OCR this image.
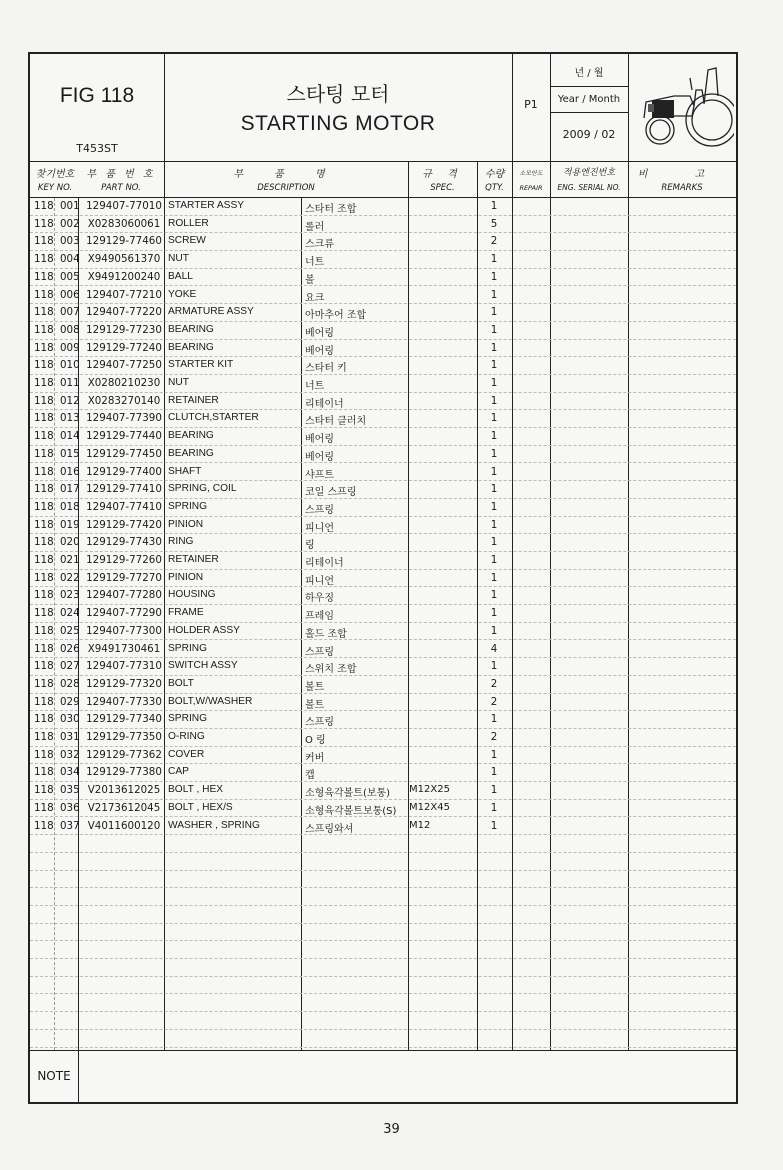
FIG 118
T453ST
스타팅 모터
STARTING MOTOR
P1
년 / 월
Year / Month
2009 / 02
찾기번호
KEY NO.
부 품 번 호
PART NO.
부 품 명
DESCRIPTION
규 격
SPEC.
수량
QTY.
소모안도
REPAIR
적용엔진번호
ENG. SERIAL NO.
비 고
REMARKS
118 001 129407-77010 STARTER ASSY	스타터 조합	1
118 002 X0283060061 ROLLER	롤러	5
118 003 129129-77460 SCREW	스크류	2
118 004 X9490561370 NUT	너트	1
118 005 X9491200240 BALL	볼	1
118 006 129407-77210 YOKE	요크	1
118 007 129407-77220 ARMATURE ASSY	아마추어 조합	1
118 008 129129-77230 BEARING	베어링	1
118 009 129129-77240 BEARING	베어링	1
118 010 129407-77250 STARTER KIT	스타터 키	1
118 011 X0280210230 NUT	너트	1
118 012 X0283270140 RETAINER	리테이너	1
118 013 129407-77390 CLUTCH,STARTER	스타터 클러치	1
118 014 129129-77440 BEARING	베어링	1
118 015 129129-77450 BEARING	베어링	1
118 016 129129-77400 SHAFT	샤프트	1
118 017 129129-77410 SPRING, COIL	코일 스프링	1
118 018 129407-77410 SPRING	스프링	1
118 019 129129-77420 PINION	피니언	1
118 020 129129-77430 RING	링	1
118 021 129129-77260 RETAINER	리테이너	1
118 022 129129-77270 PINION	피니언	1
118 023 129407-77280 HOUSING	하우징	1
118 024 129407-77290 FRAME	프레임	1
118 025 129407-77300 HOLDER ASSY	홀드 조합	1
118 026 X9491730461 SPRING	스프링	4
118 027 129407-77310 SWITCH ASSY	스위치 조합	1
118 028 129129-77320 BOLT	볼트	2
118 029 129407-77330 BOLT,W/WASHER	볼트	2
118 030 129129-77340 SPRING	스프링	1
118 031 129129-77350 O-RING	O 링	2
118 032 129129-77362 COVER	커버	1
118 034 129129-77380 CAP	캡	1
118 035 V2013612025 BOLT , HEX	소형육각볼트(보통)	M12X25	1
118 036 V2173612045 BOLT , HEX/S	소형육각볼트보통(S)	M12X45	1
118 037 V4011600120 WASHER , SPRING	스프링와셔	M12	1
NOTE
39
